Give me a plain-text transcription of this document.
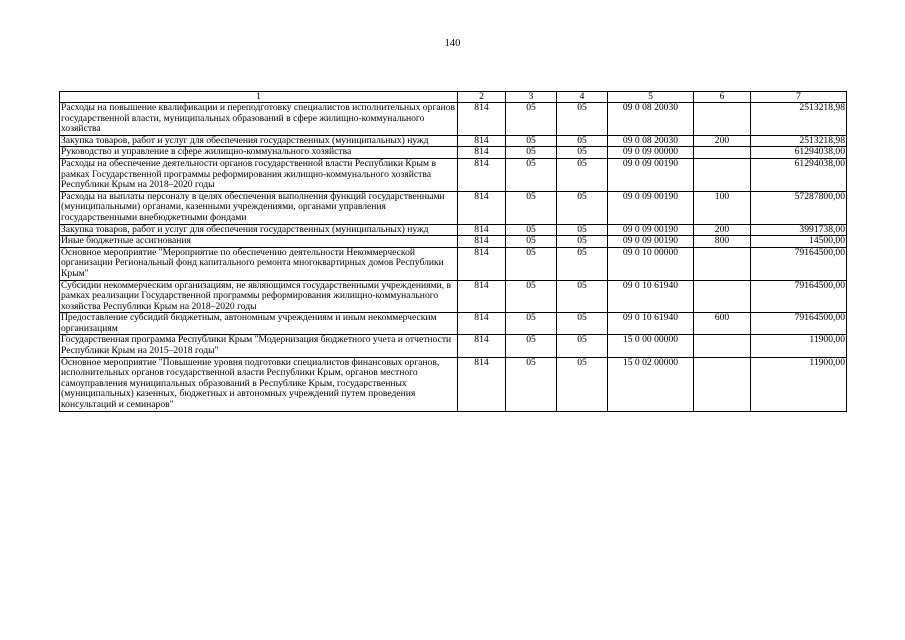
140
1	2	3	4	5	6	7
Расходы на повышение квалификации и переподготовку специалистов исполнительных органов государственной власти, муниципальных образований в сфере жилищно-коммунального хозяйства	814	05	05	09 0 08 20030		2513218,98
Закупка товаров, работ и услуг для обеспечения государственных (муниципальных) нужд	814	05	05	09 0 08 20030	200	2513218,98
Руководство и управление в сфере жилищно-коммунального хозяйства	814	05	05	09 0 09 00000		61294038,00
Расходы на обеспечение деятельности органов государственной власти Республики Крым в рамках Государственной программы реформирования жилищно-коммунального хозяйства Республики Крым на 2018–2020 годы	814	05	05	09 0 09 00190		61294038,00
Расходы на выплаты персоналу в целях обеспечения выполнения функций государственными (муниципальными) органами, казенными учреждениями, органами управления государственными внебюджетными фондами	814	05	05	09 0 09 00190	100	57287800,00
Закупка товаров, работ и услуг для обеспечения государственных (муниципальных) нужд	814	05	05	09 0 09 00190	200	3991738,00
Иные бюджетные ассигнования	814	05	05	09 0 09 00190	800	14500,00
Основное мероприятие "Мероприятие по обеспечению деятельности Некоммерческой организации Региональный фонд капитального ремонта многоквартирных домов Республики Крым"	814	05	05	09 0 10 00000		79164500,00
Субсидии некоммерческим организациям, не являющимся государственными учреждениями, в рамках реализации Государственной программы реформирования жилищно-коммунального хозяйства Республики Крым на 2018–2020 годы	814	05	05	09 0 10 61940		79164500,00
Предоставление субсидий бюджетным, автономным учреждениям и иным некоммерческим организациям	814	05	05	09 0 10 61940	600	79164500,00
Государственная программа Республики Крым "Модернизация бюджетного учета и отчетности Республики Крым на 2015–2018 годы"	814	05	05	15 0 00 00000		11900,00
Основное мероприятие "Повышение уровня подготовки специалистов финансовых органов, исполнительных органов государственной власти Республики Крым, органов местного самоуправления муниципальных образований в Республике Крым, государственных (муниципальных) казенных, бюджетных и автономных учреждений путем проведения консультаций и семинаров"	814	05	05	15 0 02 00000		11900,00
